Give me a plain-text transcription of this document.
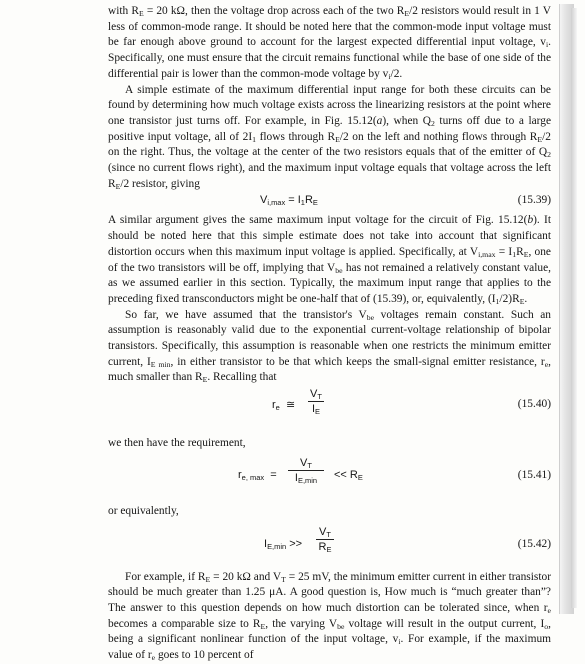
with $R_E = 20$ kΩ, then the voltage drop across each of the two $R_E/2$ resistors would result in 1 V less of common-mode range. It should be noted here that the common-mode input voltage must be far enough above ground to account for the largest expected differential input voltage, $v_i$. Specifically, one must ensure that the circuit remains functional while the base of one side of the differential pair is lower than the common-mode voltage by $v_i/2$.

A simple estimate of the maximum differential input range for both these circuits can be found by determining how much voltage exists across the linearizing resistors at the point where one transistor just turns off. For example, in Fig. 15.12(a), when $Q_2$ turns off due to a large positive input voltage, all of $2I_1$ flows through $R_E/2$ on the left and nothing flows through $R_E/2$ on the right. Thus, the voltage at the center of the two resistors equals that of the emitter of $Q_2$ (since no current flows right), and the maximum input voltage equals that voltage across the left $R_E/2$ resistor, giving

$V_{i,max} = I_1R_E$	(15.39)

A similar argument gives the same maximum input voltage for the circuit of Fig. 15.12(b). It should be noted here that this simple estimate does not take into account that significant distortion occurs when this maximum input voltage is applied. Specifically, at $V_{i,max} = I_1R_E$, one of the two transistors will be off, implying that $V_{be}$ has not remained a relatively constant value, as we assumed earlier in this section. Typically, the maximum input range that applies to the preceding fixed transconductors might be one-half that of (15.39), or, equivalently, $(I_1/2)R_E$.

So far, we have assumed that the transistor's $V_{be}$ voltages remain constant. Such an assumption is reasonably valid due to the exponential current-voltage relationship of bipolar transistors. Specifically, this assumption is reasonable when one restricts the minimum emitter current, $I_{E min}$, in either transistor to be that which keeps the small-signal emitter resistance, $r_e$, much smaller than $R_E$. Recalling that

$r_e$ ≅
$V_T$
$I_E$
(15.40)

we then have the requirement,

$r_{e, max}$ =
$V_T$
$I_{E,min}$	<< $R_E$	(15.41)

or equivalently,

$I_{E,min}$ >>
$V_T$
$R_E$	(15.42)

For example, if $R_E = 20$ kΩ and $V_T = 25$ mV, the minimum emitter current in either transistor should be much greater than 1.25 μA. A good question is, How much is “much greater than”? The answer to this question depends on how much distortion can be tolerated since, when $r_e$ becomes a comparable size to $R_E$, the varying $V_{be}$ voltage will result in the output current, $I_o$, being a significant nonlinear function of the input voltage, $v_i$. For example, if the maximum value of $r_e$ goes to 10 percent of
